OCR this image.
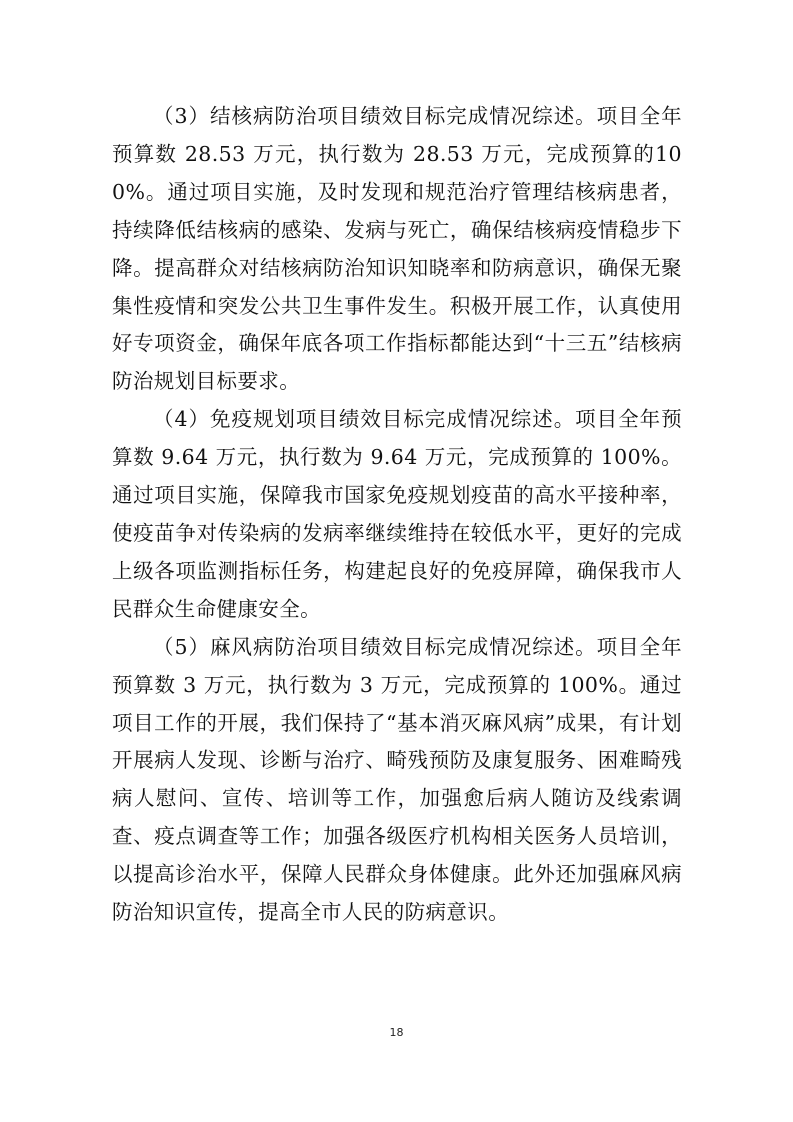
（3）结核病防治项目绩效目标完成情况综述。项目全年预算数 28.53 万元，执行数为 28.53 万元，完成预算的100%。通过项目实施，及时发现和规范治疗管理结核病患者，持续降低结核病的感染、发病与死亡，确保结核病疫情稳步下降。提高群众对结核病防治知识知晓率和防病意识，确保无聚集性疫情和突发公共卫生事件发生。积极开展工作，认真使用好专项资金，确保年底各项工作指标都能达到“十三五”结核病防治规划目标要求。

（4）免疫规划项目绩效目标完成情况综述。项目全年预算数 9.64 万元，执行数为 9.64 万元，完成预算的 100%。通过项目实施，保障我市国家免疫规划疫苗的高水平接种率，使疫苗争对传染病的发病率继续维持在较低水平，更好的完成上级各项监测指标任务，构建起良好的免疫屏障，确保我市人民群众生命健康安全。

（5）麻风病防治项目绩效目标完成情况综述。项目全年预算数 3 万元，执行数为 3 万元，完成预算的 100%。通过项目工作的开展，我们保持了“基本消灭麻风病”成果，有计划开展病人发现、诊断与治疗、畸残预防及康复服务、困难畸残病人慰问、宣传、培训等工作，加强愈后病人随访及线索调查、疫点调查等工作；加强各级医疗机构相关医务人员培训，以提高诊治水平，保障人民群众身体健康。此外还加强麻风病防治知识宣传，提高全市人民的防病意识。

18
